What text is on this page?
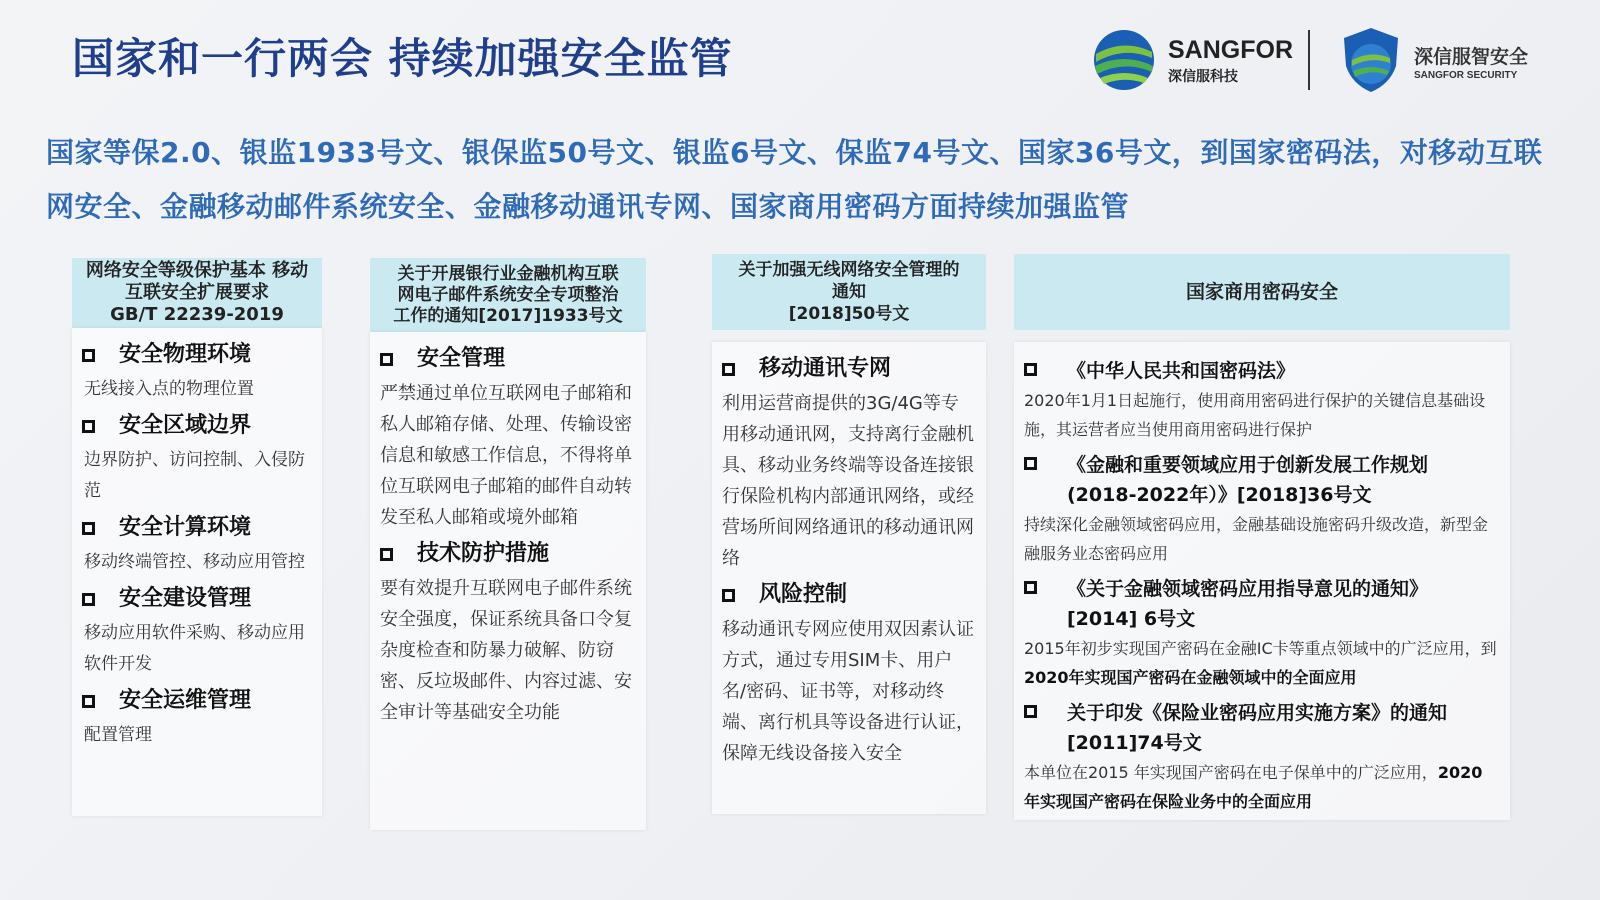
国家和一行两会 持续加强安全监管	SANGFOR
深信服科技
深信服智安全
SANGFOR SECURITY

国家等保2.0、银监1933号文、银保监50号文、银监6号文、保监74号文、国家36号文，到国家密码法，对移动互联网安全、金融移动邮件系统安全、金融移动通讯专网、国家商用密码方面持续加强监管

网络安全等级保护基本 移动
互联安全扩展要求
GB/T 22239-2019
安全物理环境
无线接入点的物理位置
安全区域边界
边界防护、访问控制、入侵防范
安全计算环境
移动终端管控、移动应用管控
安全建设管理
移动应用软件采购、移动应用软件开发
安全运维管理
配置管理
关于开展银行业金融机构互联
网电子邮件系统安全专项整治
工作的通知[2017]1933号文
安全管理
严禁通过单位互联网电子邮箱和私人邮箱存储、处理、传输设密信息和敏感工作信息，不得将单位互联网电子邮箱的邮件自动转发至私人邮箱或境外邮箱
技术防护措施
要有效提升互联网电子邮件系统安全强度，保证系统具备口令复杂度检查和防暴力破解、防窃密、反垃圾邮件、内容过滤、安全审计等基础安全功能
关于加强无线网络安全管理的
通知
[2018]50号文
移动通讯专网
利用运营商提供的3G/4G等专用移动通讯网，支持离行金融机具、移动业务终端等设备连接银行保险机构内部通讯网络，或经营场所间网络通讯的移动通讯网络
风险控制
移动通讯专网应使用双因素认证方式，通过专用SIM卡、用户名/密码、证书等，对移动终端、离行机具等设备进行认证，保障无线设备接入安全
国家商用密码安全
《中华人民共和国密码法》
2020年1月1日起施行，使用商用密码进行保护的关键信息基础设施，其运营者应当使用商用密码进行保护
《金融和重要领域应用于创新发展工作规划 (2018-2022年）》[2018]36号文
持续深化金融领域密码应用，金融基础设施密码升级改造，新型金融服务业态密码应用
《关于金融领域密码应用指导意见的通知》 [2014] 6号文
2015年初步实现国产密码在金融IC卡等重点领域中的广泛应用，到2020年实现国产密码在金融领域中的全面应用
关于印发《保险业密码应用实施方案》的通知 [2011]74号文
本单位在2015 年实现国产密码在电子保单中的广泛应用，2020 年实现国产密码在保险业务中的全面应用
